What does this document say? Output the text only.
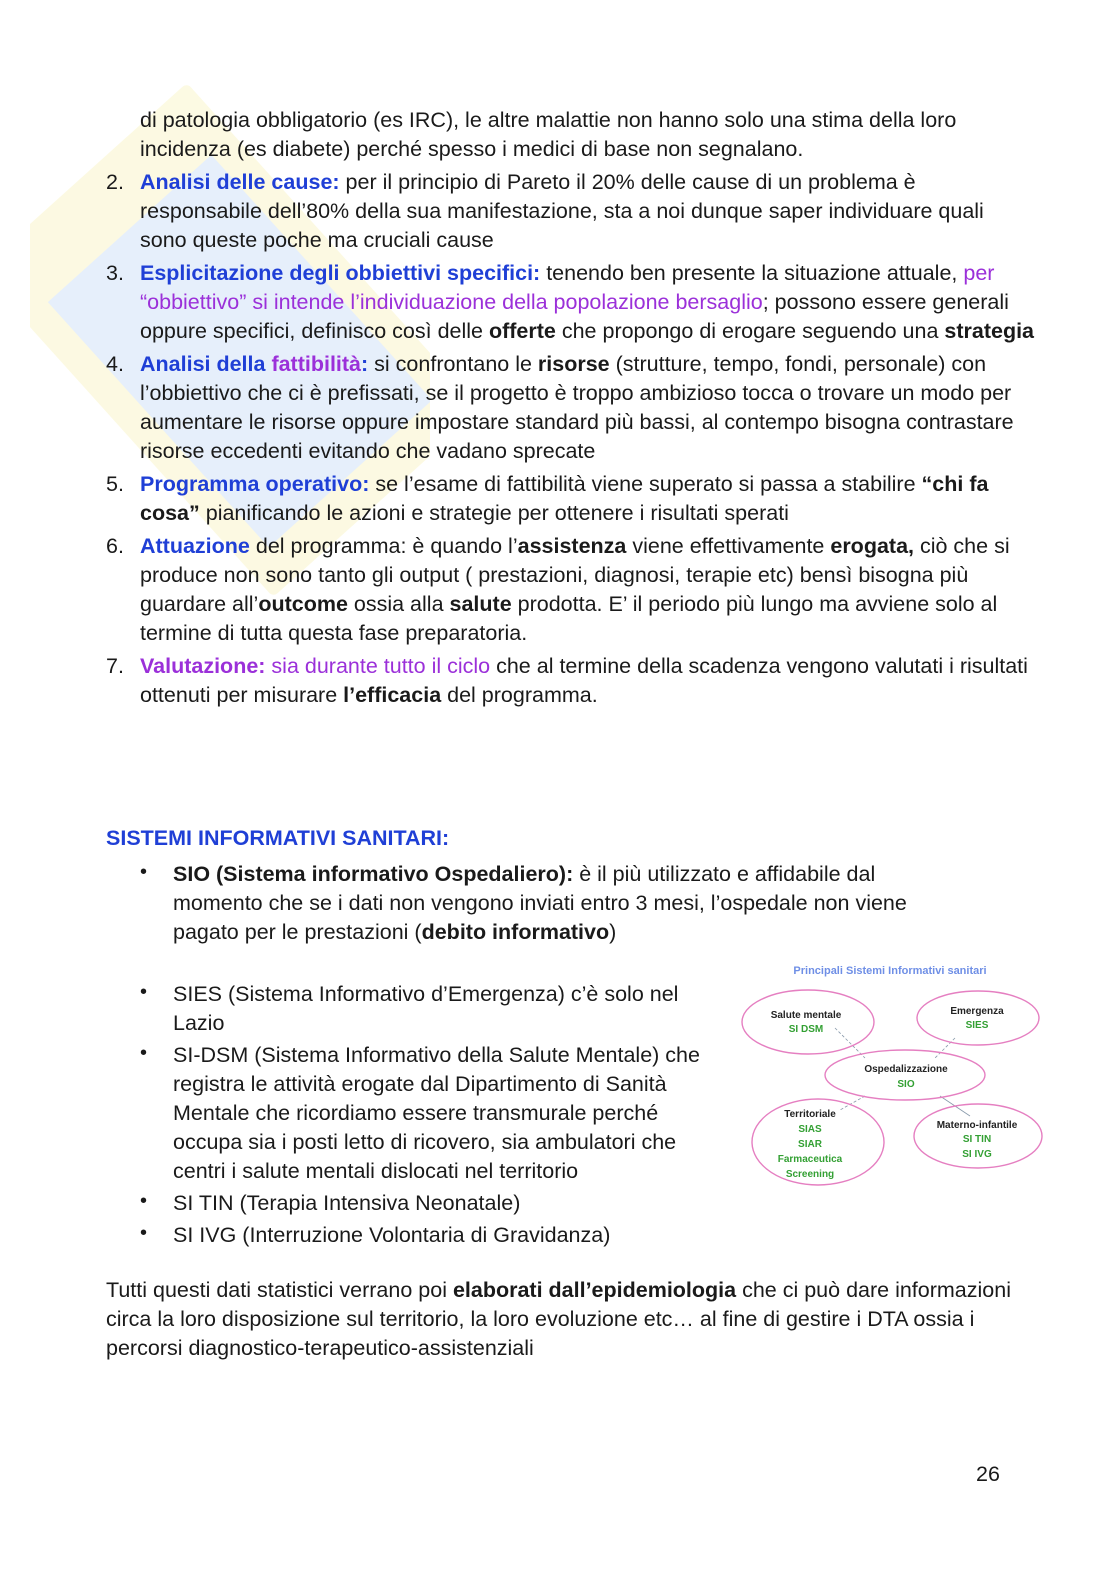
di patologia obbligatorio (es IRC), le altre malattie non hanno solo una stima della loro incidenza (es diabete) perché spesso i medici di base non segnalano.
2. Analisi delle cause: per il principio di Pareto il 20% delle cause di un problema è responsabile dell’80% della sua manifestazione, sta a noi dunque saper individuare quali sono queste poche ma cruciali cause
3. Esplicitazione degli obbiettivi specifici: tenendo ben presente la situazione attuale, per “obbiettivo” si intende l’individuazione della popolazione bersaglio; possono essere generali oppure specifici, definisco così delle offerte che propongo di erogare seguendo una strategia
4. Analisi della fattibilità: si confrontano le risorse (strutture, tempo, fondi, personale) con l’obbiettivo che ci è prefissati, se il progetto è troppo ambizioso tocca o trovare un modo per aumentare le risorse oppure impostare standard più bassi, al contempo bisogna contrastare risorse eccedenti evitando che vadano sprecate
5. Programma operativo: se l’esame di fattibilità viene superato si passa a stabilire “chi fa cosa” pianificando le azioni e strategie per ottenere i risultati sperati
6. Attuazione del programma: è quando l’assistenza viene effettivamente erogata, ciò che si produce non sono tanto gli output ( prestazioni, diagnosi, terapie etc) bensì bisogna più guardare all’outcome ossia alla salute prodotta. E’ il periodo più lungo ma avviene solo al termine di tutta questa fase preparatoria.
7. Valutazione: sia durante tutto il ciclo che al termine della scadenza vengono valutati i risultati ottenuti per misurare l’efficacia del programma.
SISTEMI INFORMATIVI SANITARI:
• SIO (Sistema informativo Ospedaliero): è il più utilizzato e affidabile dal momento che se i dati non vengono inviati entro 3 mesi, l’ospedale non viene pagato per le prestazioni (debito informativo)
• SIES (Sistema Informativo d’Emergenza) c’è solo nel Lazio
• SI-DSM (Sistema Informativo della Salute Mentale) che registra le attività erogate dal Dipartimento di Sanità Mentale che ricordiamo essere transmurale perché occupa sia i posti letto di ricovero, sia ambulatori che centri i salute mentali dislocati nel territorio
• SI TIN (Terapia Intensiva Neonatale)
• SI IVG (Interruzione Volontaria di Gravidanza)
Principali Sistemi Informativi sanitari
Salute mentale
SI DSM
Emergenza
SIES
Ospedalizzazione
SIO
Territoriale
SIAS
SIAR
Farmaceutica
Screening
Materno-infantile
SI TIN
SI IVG
Tutti questi dati statistici verrano poi elaborati dall’epidemiologia che ci può dare informazioni circa la loro disposizione sul territorio, la loro evoluzione etc… al fine di gestire i DTA ossia i percorsi diagnostico-terapeutico-assistenziali
26
